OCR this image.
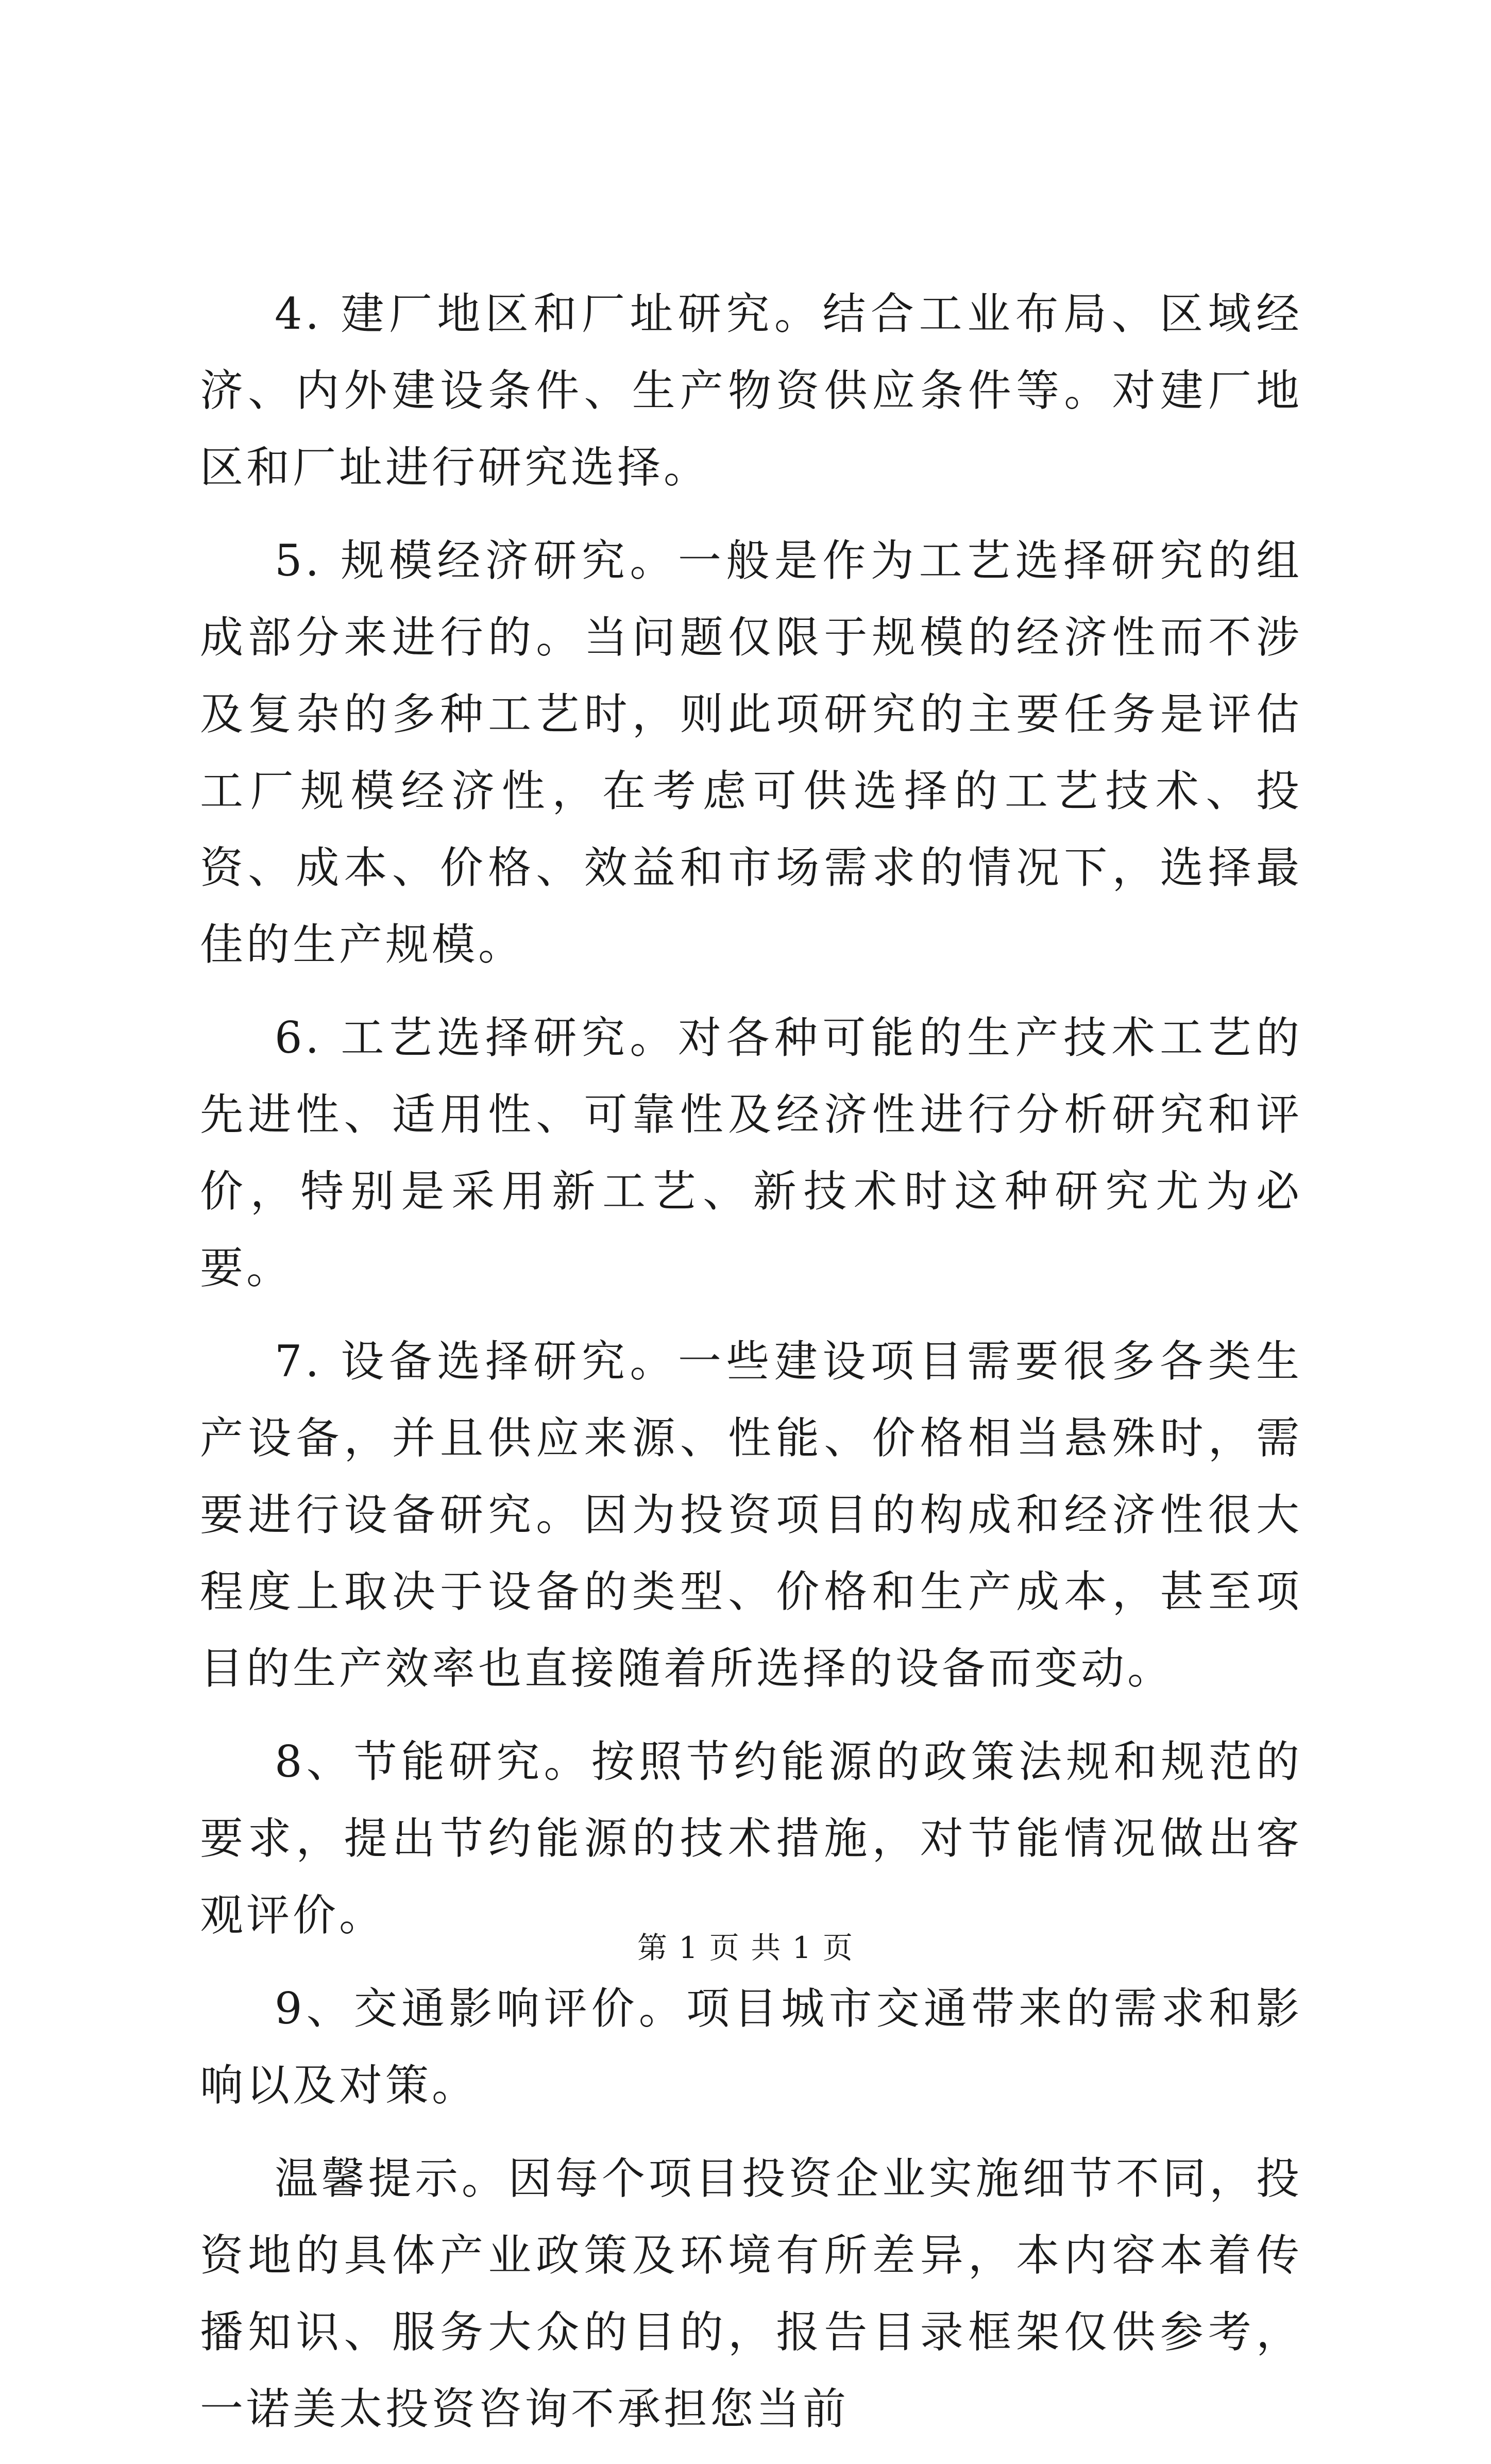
4. 建厂地区和厂址研究。结合工业布局、区域经济、内外建设条件、生产物资供应条件等。对建厂地区和厂址进行研究选择。

5. 规模经济研究。一般是作为工艺选择研究的组成部分来进行的。当问题仅限于规模的经济性而不涉及复杂的多种工艺时，则此项研究的主要任务是评估工厂规模经济性，在考虑可供选择的工艺技术、投资、成本、价格、效益和市场需求的情况下，选择最佳的生产规模。

6. 工艺选择研究。对各种可能的生产技术工艺的先进性、适用性、可靠性及经济性进行分析研究和评价，特别是采用新工艺、新技术时这种研究尤为必要。

7. 设备选择研究。一些建设项目需要很多各类生产设备，并且供应来源、性能、价格相当悬殊时，需要进行设备研究。因为投资项目的构成和经济性很大程度上取决于设备的类型、价格和生产成本，甚至项目的生产效率也直接随着所选择的设备而变动。

8、节能研究。按照节约能源的政策法规和规范的要求，提出节约能源的技术措施，对节能情况做出客观评价。

9、交通影响评价。项目城市交通带来的需求和影响以及对策。

温馨提示。因每个项目投资企业实施细节不同，投资地的具体产业政策及环境有所差异，本内容本着传播知识、服务大众的目的，报告目录框架仅供参考，一诺美太投资咨询不承担您当前

第 1 页 共 1 页
